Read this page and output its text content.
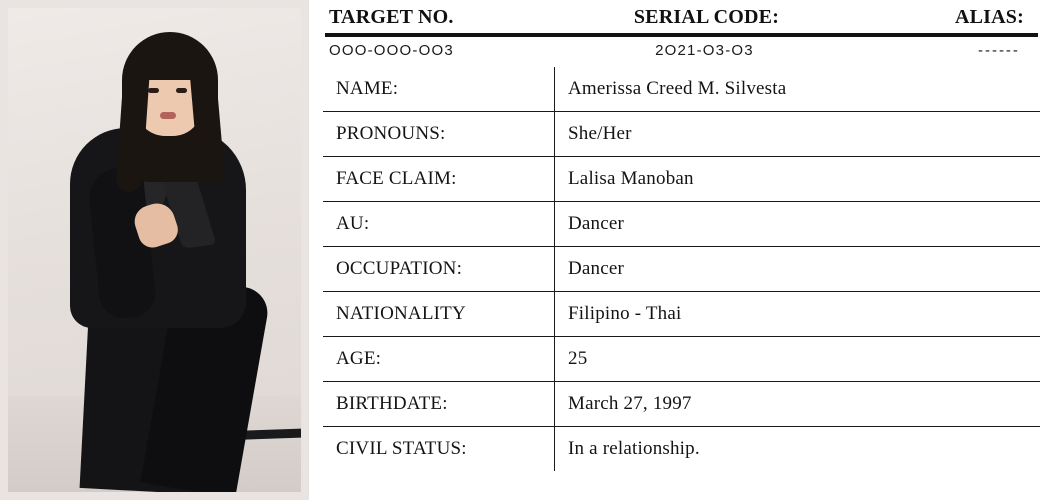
TARGET NO.	SERIAL CODE:	ALIAS:
OOO-OOO-OO3	2O21-O3-O3	------
NAME:	Amerissa Creed M. Silvesta
PRONOUNS:	She/Her
FACE CLAIM:	Lalisa Manoban
AU:	Dancer
OCCUPATION:	Dancer
NATIONALITY	Filipino - Thai
AGE:	25
BIRTHDATE:	March 27, 1997
CIVIL STATUS:	In a relationship.
